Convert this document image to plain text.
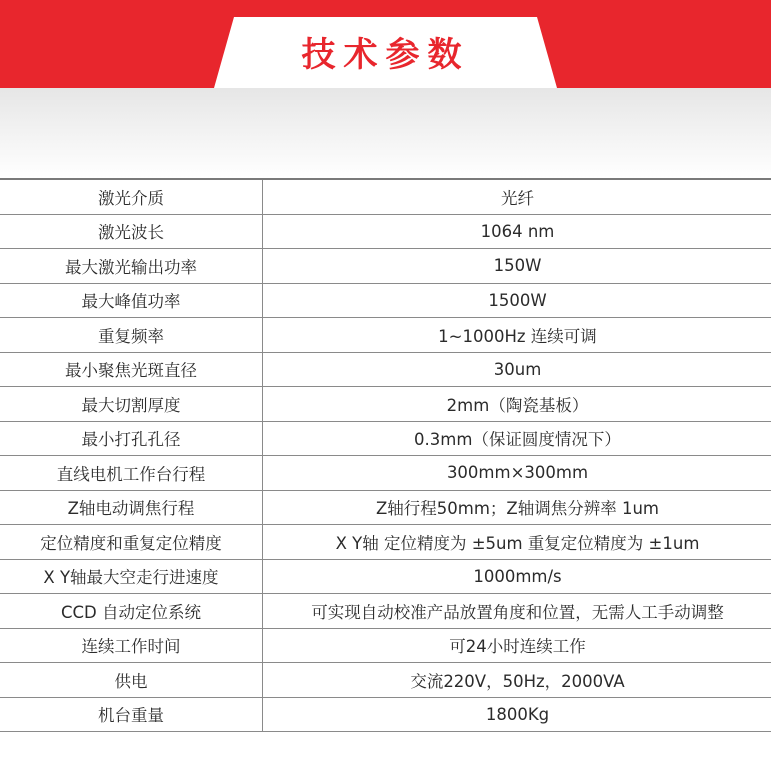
技术参数
激光介质	光纤
激光波长	1064 nm
最大激光输出功率	150W
最大峰值功率	1500W
重复频率	1~1000Hz 连续可调
最小聚焦光斑直径	30um
最大切割厚度	2mm（陶瓷基板）
最小打孔孔径	0.3mm（保证圆度情况下）
直线电机工作台行程	300mm×300mm
Z轴电动调焦行程	Z轴行程50mm；Z轴调焦分辨率 1um
定位精度和重复定位精度	X Y轴 定位精度为 ±5um 重复定位精度为 ±1um
X Y轴最大空走行进速度	1000mm/s
CCD 自动定位系统	可实现自动校准产品放置角度和位置，无需人工手动调整
连续工作时间	可24小时连续工作
供电	交流220V，50Hz，2000VA
机台重量	1800Kg
